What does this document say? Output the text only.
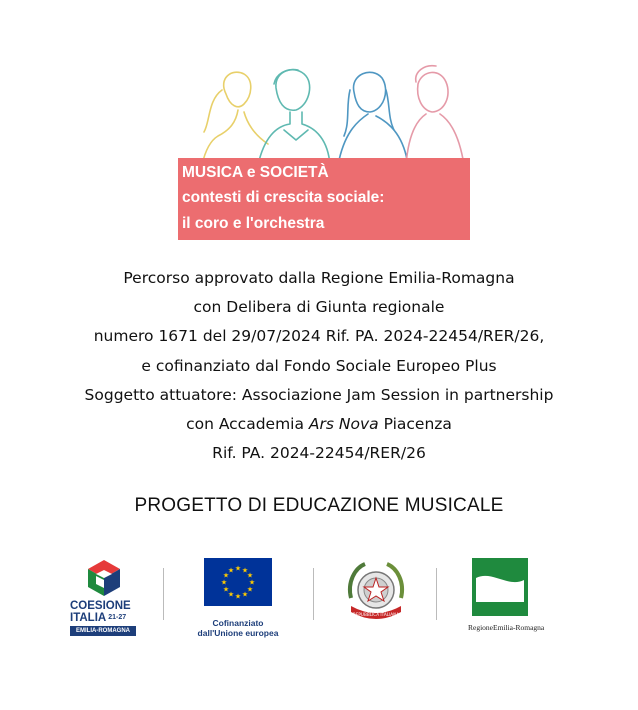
MUSICA e SOCIETÀ
contesti di crescita sociale:
il coro e l'orchestra
Percorso approvato dalla Regione Emilia-Romagna
con Delibera di Giunta regionale
numero 1671 del 29/07/2024 Rif. PA. 2024-22454/RER/26,
e cofinanziato dal Fondo Sociale Europeo Plus
Soggetto attuatore: Associazione Jam Session in partnership
con Accademia Ars Nova Piacenza
Rif. PA. 2024-22454/RER/26
PROGETTO DI EDUCAZIONE MUSICALE
COESIONE
ITALIA 21-27
EMILIA-ROMAGNA
★ ★
★
★
★
★
★
★
★
★
★
★
Cofinanziato
dall'Unione europea
REPUBBLICA ITALIANA
RegioneEmilia-Romagna
